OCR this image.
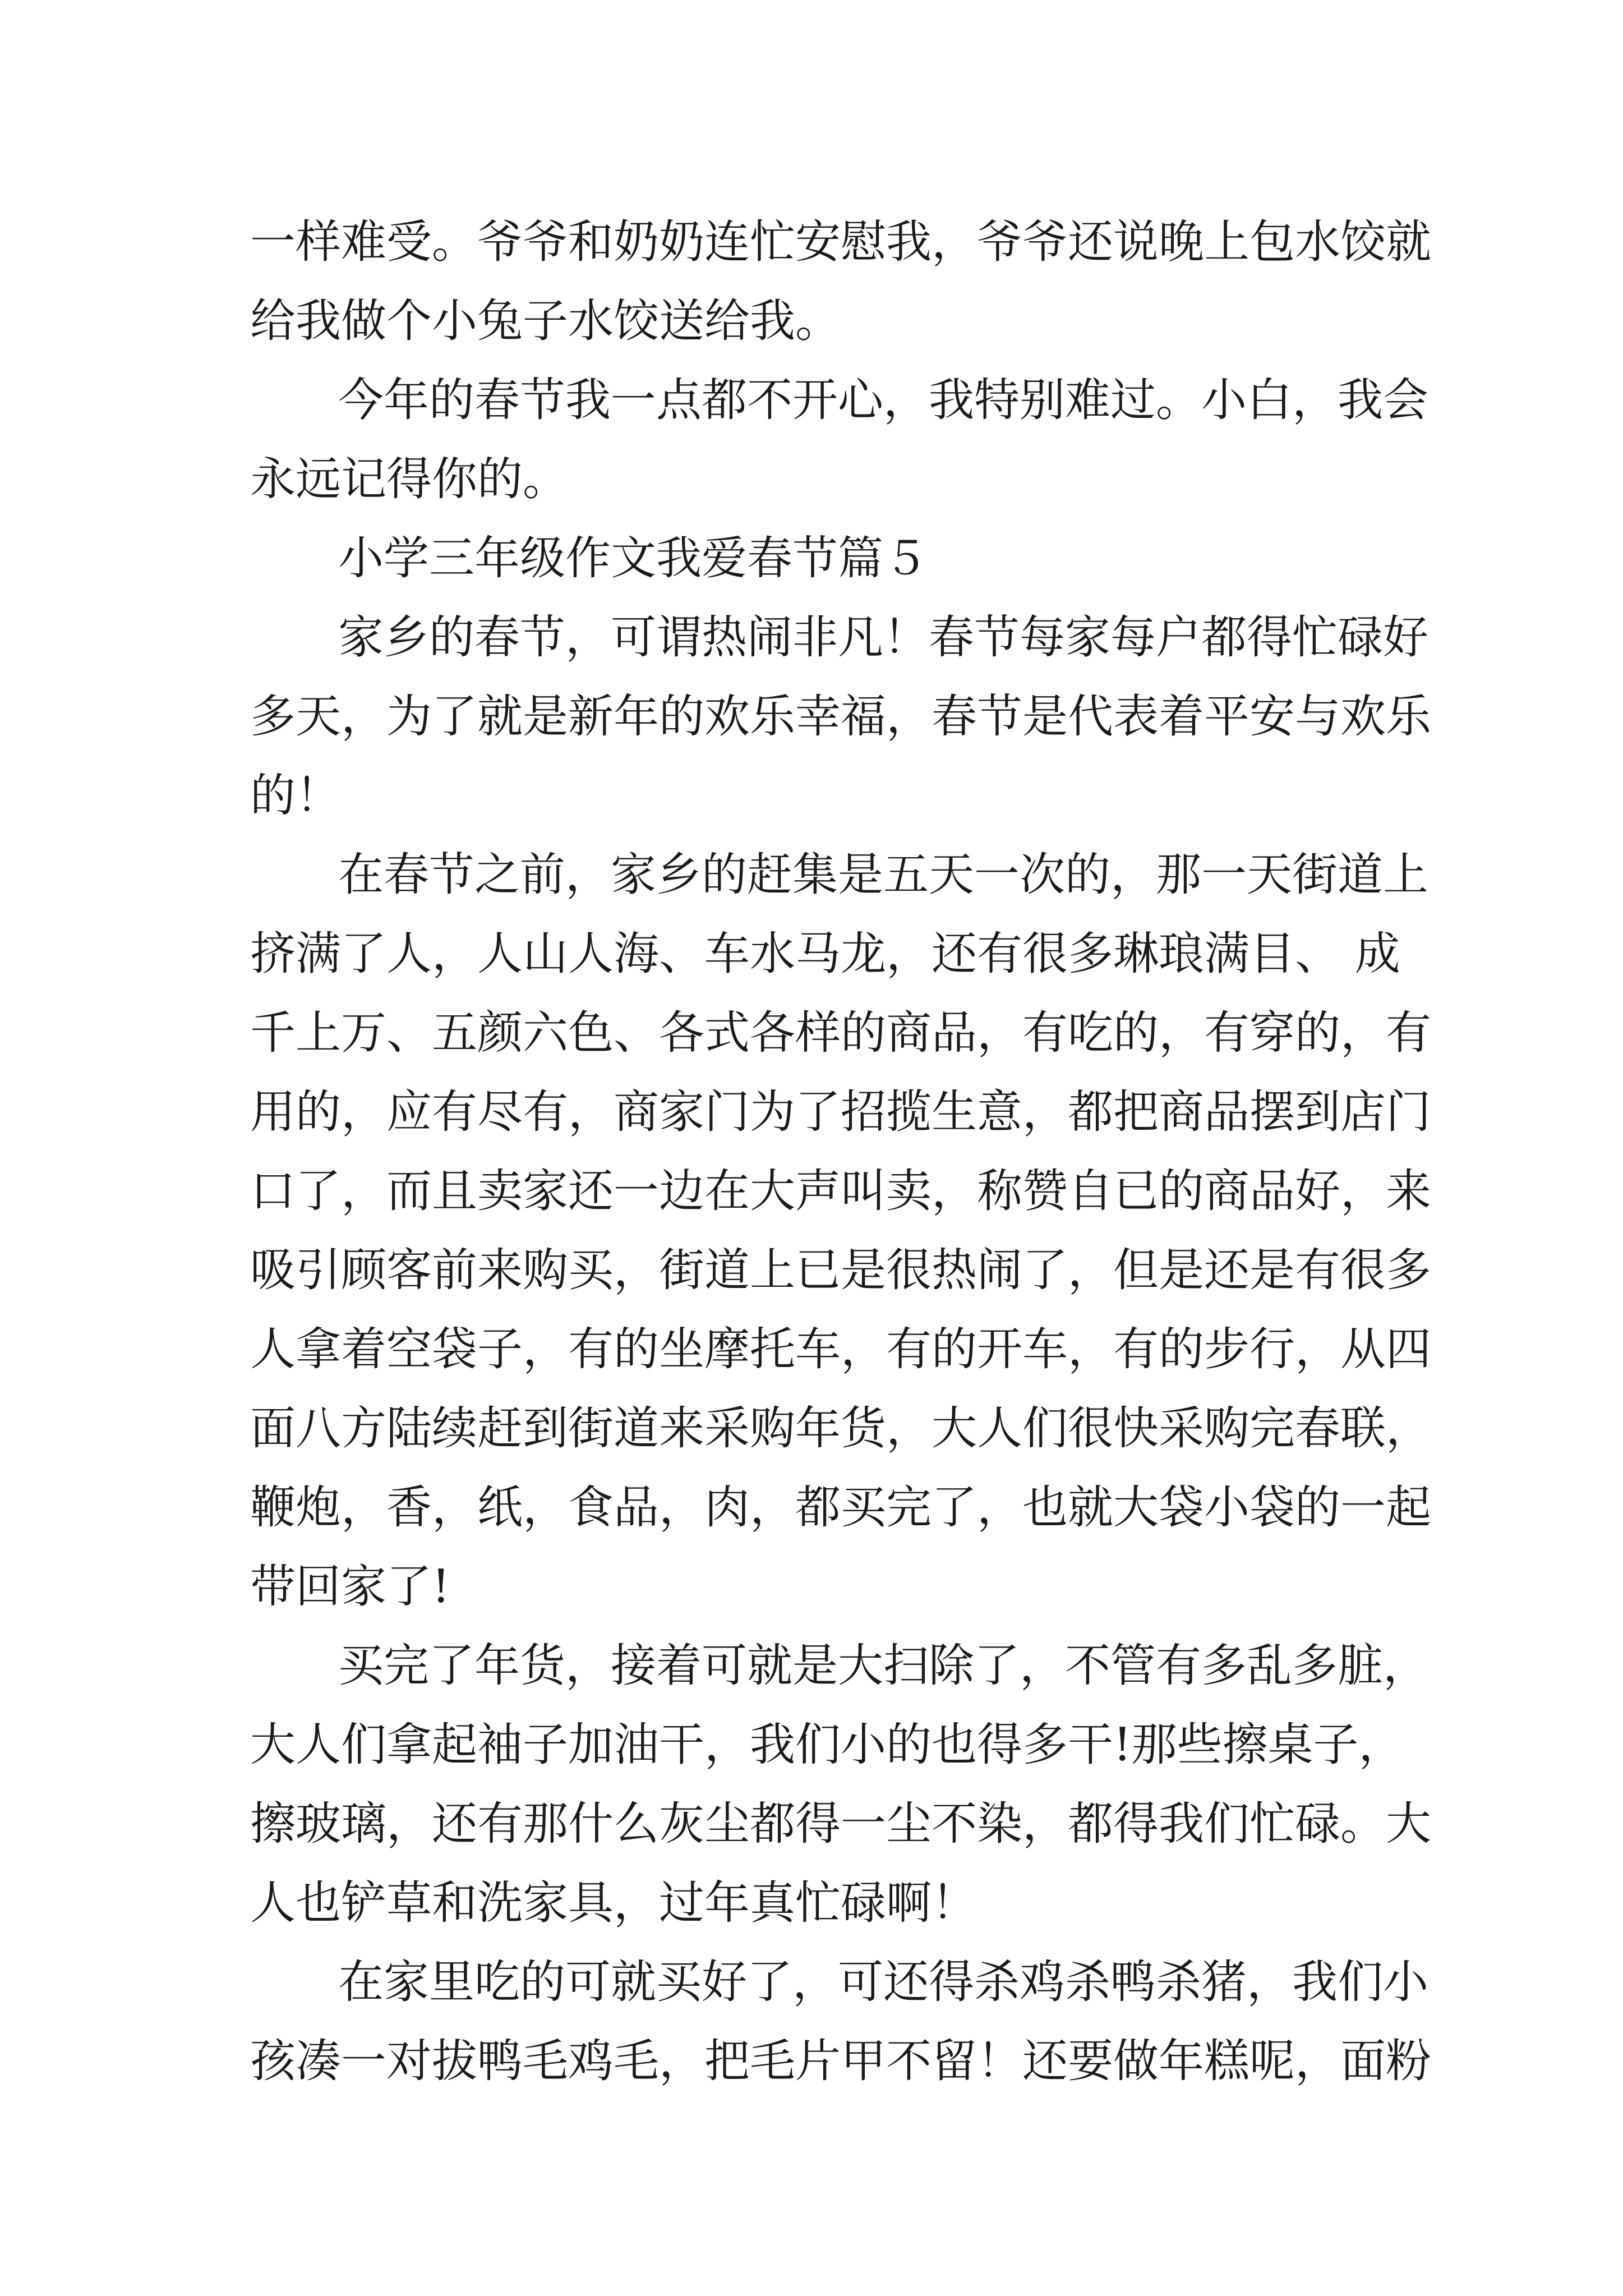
一样难受。爷爷和奶奶连忙安慰我，爷爷还说晚上包水饺就

给我做个小兔子水饺送给我。

今年的春节我一点都不开心，我特别难过。小白，我会

永远记得你的。

小学三年级作文我爱春节篇５

家乡的春节，可谓热闹非凡！春节每家每户都得忙碌好

多天，为了就是新年的欢乐幸福，春节是代表着平安与欢乐

的！

在春节之前，家乡的赶集是五天一次的，那一天街道上

挤满了人，人山人海、车水马龙，还有很多琳琅满目、 成

千上万、五颜六色、各式各样的商品，有吃的，有穿的，有

用的，应有尽有，商家门为了招揽生意，都把商品摆到店门

口了，而且卖家还一边在大声叫卖，称赞自已的商品好，来

吸引顾客前来购买，街道上已是很热闹了，但是还是有很多

人拿着空袋子，有的坐摩托车，有的开车，有的步行，从四

面八方陆续赶到街道来采购年货，大人们很快采购完春联，

鞭炮，香，纸，食品，肉，都买完了，也就大袋小袋的一起

带回家了!

买完了年货，接着可就是大扫除了，不管有多乱多脏，

大人们拿起袖子加油干，我们小的也得多干!那些擦桌子，

擦玻璃，还有那什么灰尘都得一尘不染，都得我们忙碌。大

人也铲草和洗家具，过年真忙碌啊！

在家里吃的可就买好了，可还得杀鸡杀鸭杀猪，我们小

孩凑一对拔鸭毛鸡毛，把毛片甲不留！还要做年糕呢，面粉
